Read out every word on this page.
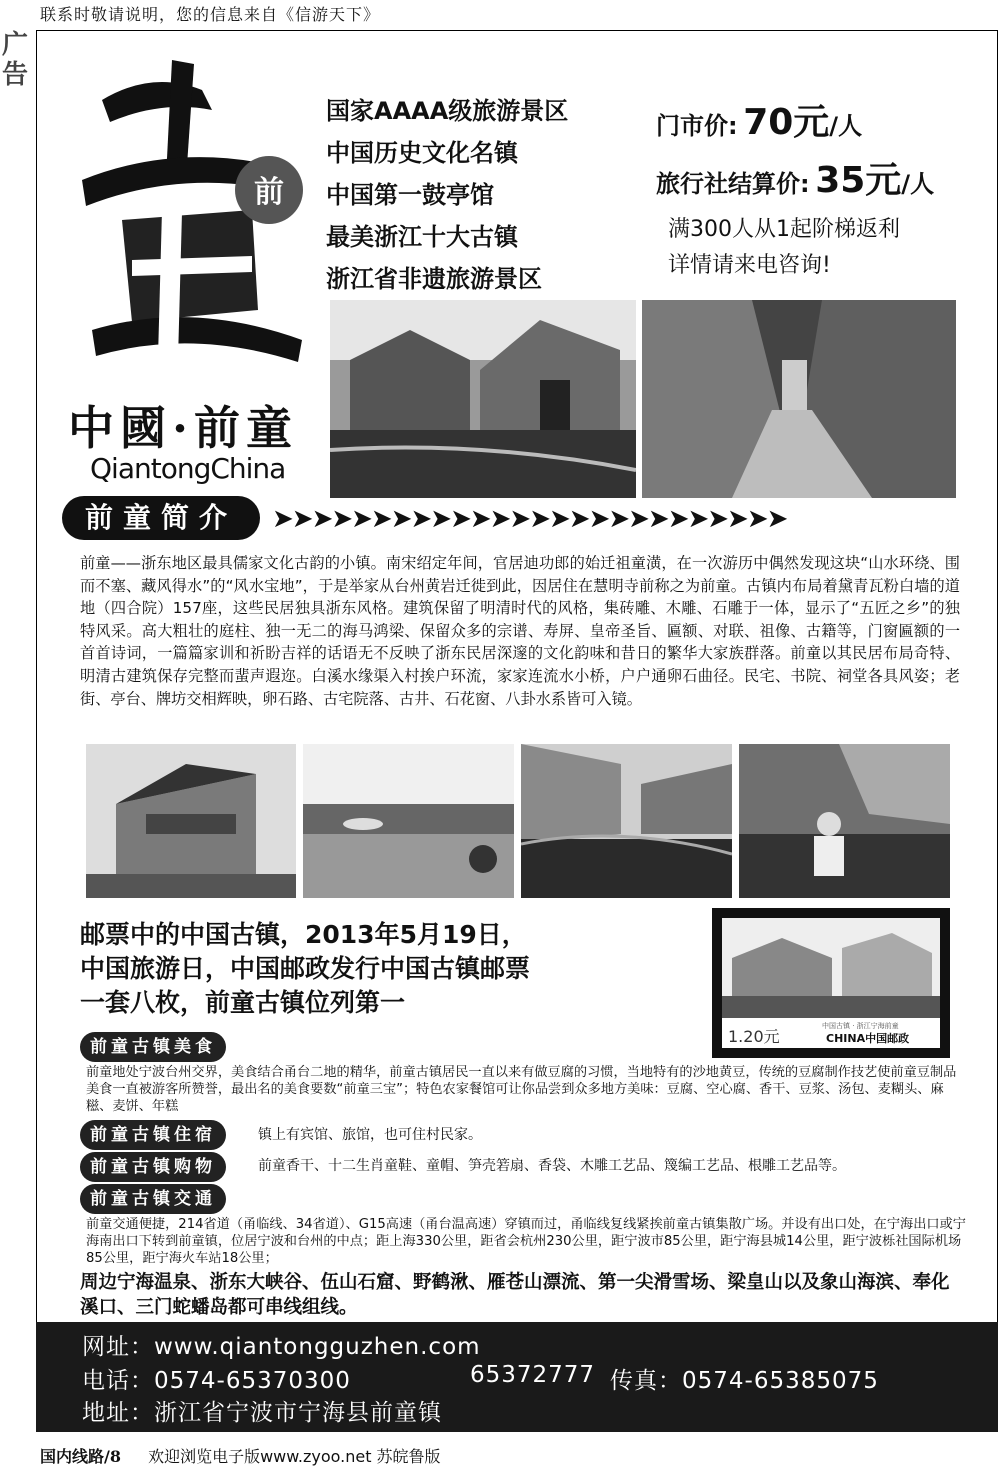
联系时敬请说明，您的信息来自《信游天下》
广告
前
中國·前童
QiantongChina
国家AAAA级旅游景区
中国历史文化名镇
中国第一鼓亭馆
最美浙江十大古镇
浙江省非遗旅游景区
门市价: 70元/人
旅行社结算价: 35元/人
满300人从1起阶梯返利
详情请来电咨询!
前童简介	➤➤➤➤➤➤➤➤➤➤➤➤➤➤➤➤➤➤➤➤➤➤➤➤➤➤
前童——浙东地区最具儒家文化古韵的小镇。南宋绍定年间，官居迪功郎的始迁祖童潢，在一次游历中偶然发现这块“山水环绕、围而不塞、藏风得水”的“风水宝地”，于是举家从台州黄岩迁徙到此，因居住在慧明寺前称之为前童。古镇内布局着黛青瓦粉白墙的道地（四合院）157座，这些民居独具浙东风格。建筑保留了明清时代的风格，集砖雕、木雕、石雕于一体，显示了“五匠之乡”的独特风采。高大粗壮的庭柱、独一无二的海马鸿梁、保留众多的宗谱、寿屏、皇帝圣旨、匾额、对联、祖像、古籍等，门窗匾额的一首首诗词，一篇篇家训和祈盼吉祥的话语无不反映了浙东民居深邃的文化韵味和昔日的繁华大家族群落。前童以其民居布局奇特、明清古建筑保存完整而蜚声遐迩。白溪水缘渠入村挨户环流，家家连流水小桥，户户通卵石曲径。民宅、书院、祠堂各具风姿；老街、亭台、牌坊交相辉映，卵石路、古宅院落、古井、石花窗、八卦水系皆可入镜。
邮票中的中国古镇，2013年5月19日，
中国旅游日，中国邮政发行中国古镇邮票
一套八枚，前童古镇位列第一
1.20元
中国古镇 · 浙江宁海前童
CHINA中国邮政
前童古镇美食
前童地处宁波台州交界，美食结合甬台二地的精华，前童古镇居民一直以来有做豆腐的习惯，当地特有的沙地黄豆，传统的豆腐制作技艺使前童豆制品美食一直被游客所赞誉，最出名的美食要数“前童三宝”；特色农家餐馆可让你品尝到众多地方美味：豆腐、空心腐、香干、豆浆、汤包、麦糊头、麻糍、麦饼、年糕
前童古镇住宿	镇上有宾馆、旅馆，也可住村民家。
前童古镇购物	前童香干、十二生肖童鞋、童帽、笋壳箬扇、香袋、木雕工艺品、篾编工艺品、根雕工艺品等。
前童古镇交通
前童交通便捷，214省道（甬临线、34省道）、G15高速（甬台温高速）穿镇而过，甬临线复线紧挨前童古镇集散广场。并设有出口处，在宁海出口或宁海南出口下转到前童镇，位居宁波和台州的中点；距上海330公里，距省会杭州230公里，距宁波市85公里，距宁海县城14公里，距宁波栎社国际机场85公里，距宁海火车站18公里；
周边宁海温泉、浙东大峡谷、伍山石窟、野鹤湫、雁苍山漂流、第一尖滑雪场、梁皇山以及象山海滨、奉化溪口、三门蛇蟠岛都可串线组线。
网址：www.qiantongguzhen.com
电话：0574-65370300	65372777 传真：0574-65385075
地址：浙江省宁波市宁海县前童镇
国内线路/8 欢迎浏览电子版www.zyoo.net 苏皖鲁版
